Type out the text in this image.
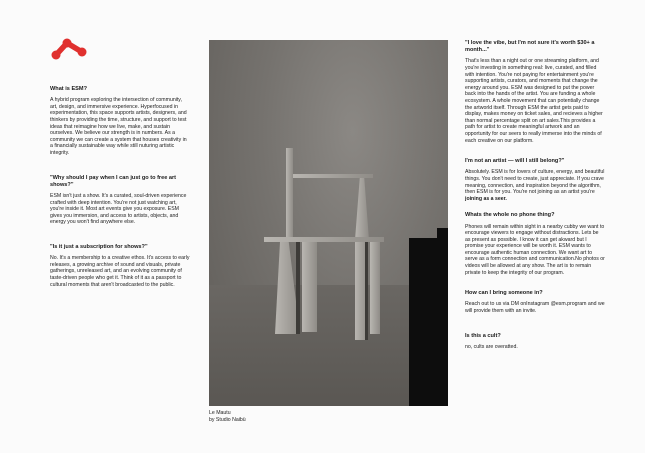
What is ESM?

A hybrid program exploring the intersection of community, art, design, and immersive experience. Hyperfocused in experimentation, this space supports artists, designers, and thinkers by providing the time, structure, and support to test ideas that reimagine how we live, make, and sustain ourselves. We believe our strength is in numbers. As a community we can create a system that houses creativity in a financially sustainable way while still nuturing artistic integrity.

"Why should I pay when I can just go to free art shows?"

ESM isn't just a show. It's a curated, soul-driven experience crafted with deep intention. You're not just watching art, you're inside it. Most art events give you exposure. ESM gives you immersion, and access to artists, objects, and energy you won't find anywhere else.

"Is it just a subscription for shows?"

No. It's a membership to a creative ethos. It's access to early releases, a growing archive of sound and visuals, private gatherings, unreleased art, and an evolving community of taste-driven people who get it. Think of it as a passport to cultural moments that aren't broadcasted to the public.

Le Mautu
by Studio Naibü

"I love the vibe, but I'm not sure it's worth $30+ a month..."

That's less than a night out or one streaming platform, and you're investing in something real: live, curated, and filled with intention. You're not paying for entertainment you're supporting artists, curators, and moments that change the energy around you. ESM was designed to put the power back into the hands of the artist. You are funding a whole ecosystem. A whole movement that can potentially change the artworld itself. Through ESM the artist gets paid to display, makes money on ticket sales, and recieves a higher than normal percentage split on art sales.This provides a path for artist to create meaningful artwork and an opportunity for our seers to really immerse into the minds of each creative on our platform.

I'm not an artist — will I still belong?"

Absolutely. ESM is for lovers of culture, energy, and beautiful things. You don't need to create, just appreciate. If you crave meaning, connection, and inspiration beyond the algorithm, then ESM is for you. You're not joining as an artist you're joining as a seer.

Whats the whole no phone thing?

Phones will remain within sight in a nearby cubby we want to encourage viewers to engage without distractions. Lets be as present as possible. I know it can get akward but I promise your experience will be worth it. ESM wants to encourage authentic human connection. We want art to serve as a form connection and communication.No photos or videos will be allowed at any show. The art is to remain private to keep the integrity of our program.

How can I bring someone in?

Reach out to us via DM onInstagram @esm.program and we will provide them with an invite.

Is this a cult?

no, cults are overatted.
